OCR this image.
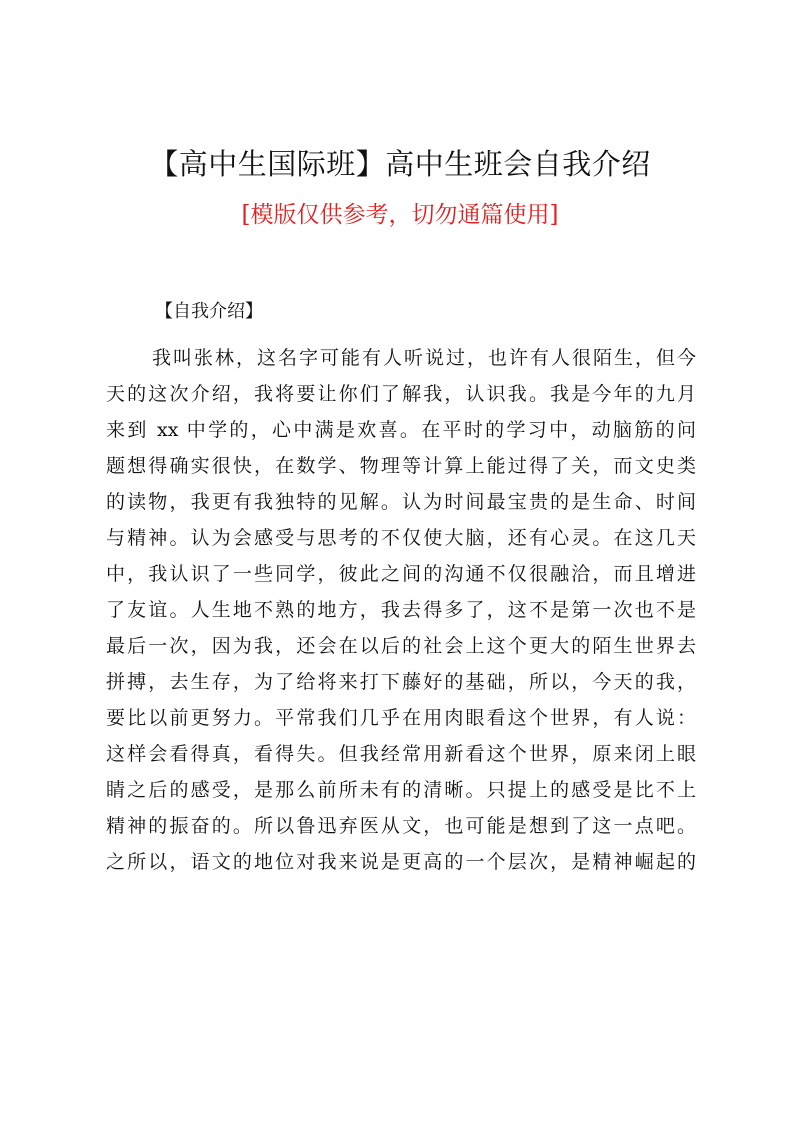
【高中生国际班】高中生班会自我介绍
[模版仅供参考，切勿通篇使用]
【自我介绍】
我叫张林，这名字可能有人听说过，也许有人很陌生，但今
天的这次介绍，我将要让你们了解我，认识我。我是今年的九月
来到 xx 中学的，心中满是欢喜。在平时的学习中，动脑筋的问
题想得确实很快，在数学、物理等计算上能过得了关，而文史类
的读物，我更有我独特的见解。认为时间最宝贵的是生命、时间
与精神。认为会感受与思考的不仅使大脑，还有心灵。在这几天
中，我认识了一些同学，彼此之间的沟通不仅很融洽，而且增进
了友谊。人生地不熟的地方，我去得多了，这不是第一次也不是
最后一次，因为我，还会在以后的社会上这个更大的陌生世界去
拼搏，去生存，为了给将来打下藤好的基础，所以，今天的我，
要比以前更努力。平常我们几乎在用肉眼看这个世界，有人说：
这样会看得真，看得失。但我经常用新看这个世界，原来闭上眼
睛之后的感受，是那么前所未有的清晰。只提上的感受是比不上
精神的振奋的。所以鲁迅弃医从文，也可能是想到了这一点吧。
之所以，语文的地位对我来说是更高的一个层次，是精神崛起的
